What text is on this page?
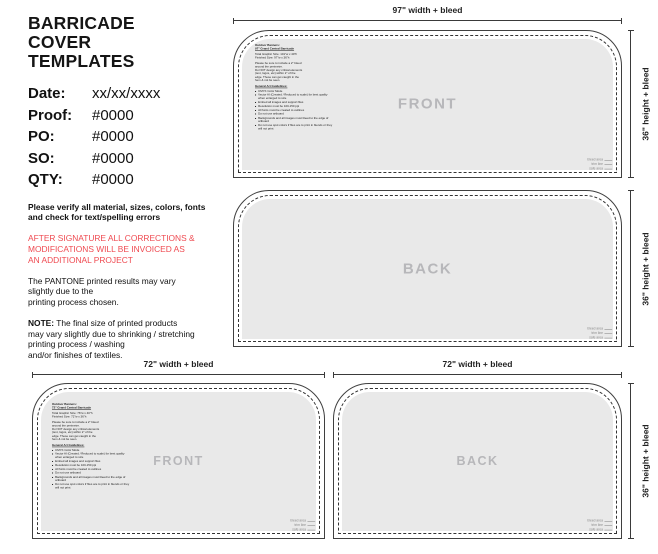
BARRICADE
COVER
TEMPLATES
Date:	xx/xx/xxxx
Proof:	#0000
PO:	#0000
SO:	#0000
QTY:	#0000

Please verify all material, sizes, colors, fonts
and check for text/spelling errors

AFTER SIGNATURE ALL CORRECTIONS &
MODIFICATIONS WILL BE INVOICED AS
AN ADDITIONAL PROJECT

The PANTONE printed results may vary
slightly due to the
printing process chosen.

NOTE: The final size of printed products
may vary slightly due to shrinking / stretching
printing process / washing
and/or finishes of textiles.

97" width + bleed
Outdoor Banners:
97" Grand Central Barricade
Total Graphic Size: 101"w x 40"h
Finished Size: 97"w x 36"h
Please be sure to include a 2" bleed
around the perimeter.
Do NOT design any critical elements
(text, logos, etc) within 2" of the
edge. These can get caught in the
hem & not be seen.
General Art Guidelines:
■ CMYK Color Mode
■ Vector AI (Created / Reduced to scale) for best quality when enlarged to size
■ Embed all images and support files
■ Resolution must be 100-150 ppi
■ All fonts must be created to outlines
■ Do not use artboard
■ Backgrounds and all images must bleed to the edge of artboard
■ Do not use spot colors if files are to print in blends or they will not print
FRONT
bleed area
trim line
safe area
36" height + bleed
BACK
bleed area
trim line
safe area
36" height + bleed
72" width + bleed
Outdoor Banners:
72" Grand Central Barricade
Total Graphic Size: 76"w x 40"h
Finished Size: 72"w x 36"h
Please be sure to include a 2" bleed
around the perimeter.
Do NOT design any critical elements
(text, logos, etc) within 2" of the
edge. These can get caught in the
hem & not be seen.
General Art Guidelines:
■ CMYK Color Mode
■ Vector AI (Created / Reduced to scale) for best quality when enlarged to size
■ Embed all images and support files
■ Resolution must be 100-150 ppi
■ All fonts must be created to outlines
■ Do not use artboard
■ Backgrounds and all images must bleed to the edge of artboard
■ Do not use spot colors if files are to print in blends or they will not print
FRONT
bleed area
trim line
safe area
72" width + bleed
BACK
bleed area
trim line
safe area
36" height + bleed
